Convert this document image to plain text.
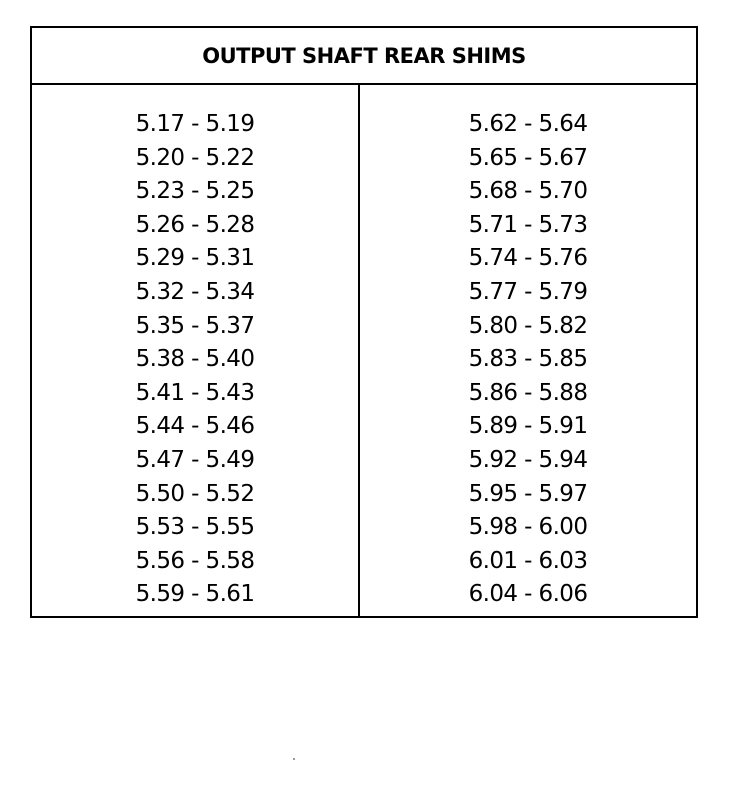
OUTPUT SHAFT REAR SHIMS
5.17 - 5.19
5.20 - 5.22
5.23 - 5.25
5.26 - 5.28
5.29 - 5.31
5.32 - 5.34
5.35 - 5.37
5.38 - 5.40
5.41 - 5.43
5.44 - 5.46
5.47 - 5.49
5.50 - 5.52
5.53 - 5.55
5.56 - 5.58
5.59 - 5.61
5.62 - 5.64
5.65 - 5.67
5.68 - 5.70
5.71 - 5.73
5.74 - 5.76
5.77 - 5.79
5.80 - 5.82
5.83 - 5.85
5.86 - 5.88
5.89 - 5.91
5.92 - 5.94
5.95 - 5.97
5.98 - 6.00
6.01 - 6.03
6.04 - 6.06
